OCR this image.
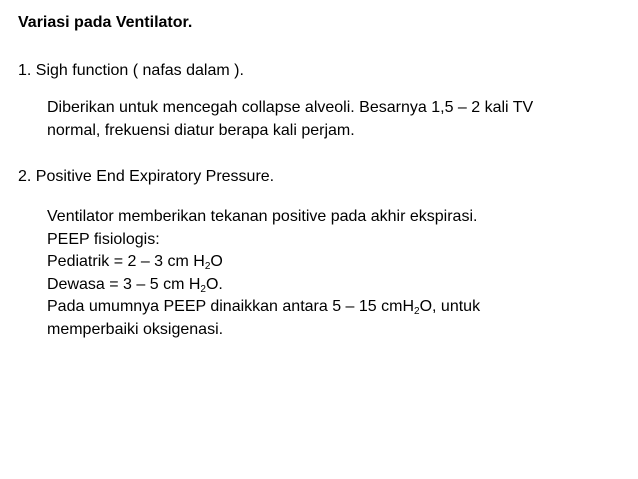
Variasi pada Ventilator.
1. Sigh function ( nafas dalam ).
Diberikan untuk mencegah collapse alveoli. Besarnya 1,5 – 2 kali TV
normal, frekuensi diatur berapa kali perjam.
2. Positive End Expiratory Pressure.
Ventilator memberikan tekanan positive pada akhir ekspirasi.
PEEP fisiologis:
Pediatrik = 2 – 3 cm $H_2O$
Dewasa = 3 – 5 cm $H_2O$.
Pada umumnya PEEP dinaikkan antara 5 – 15 cmH$_2$O, untuk
memperbaiki oksigenasi.
